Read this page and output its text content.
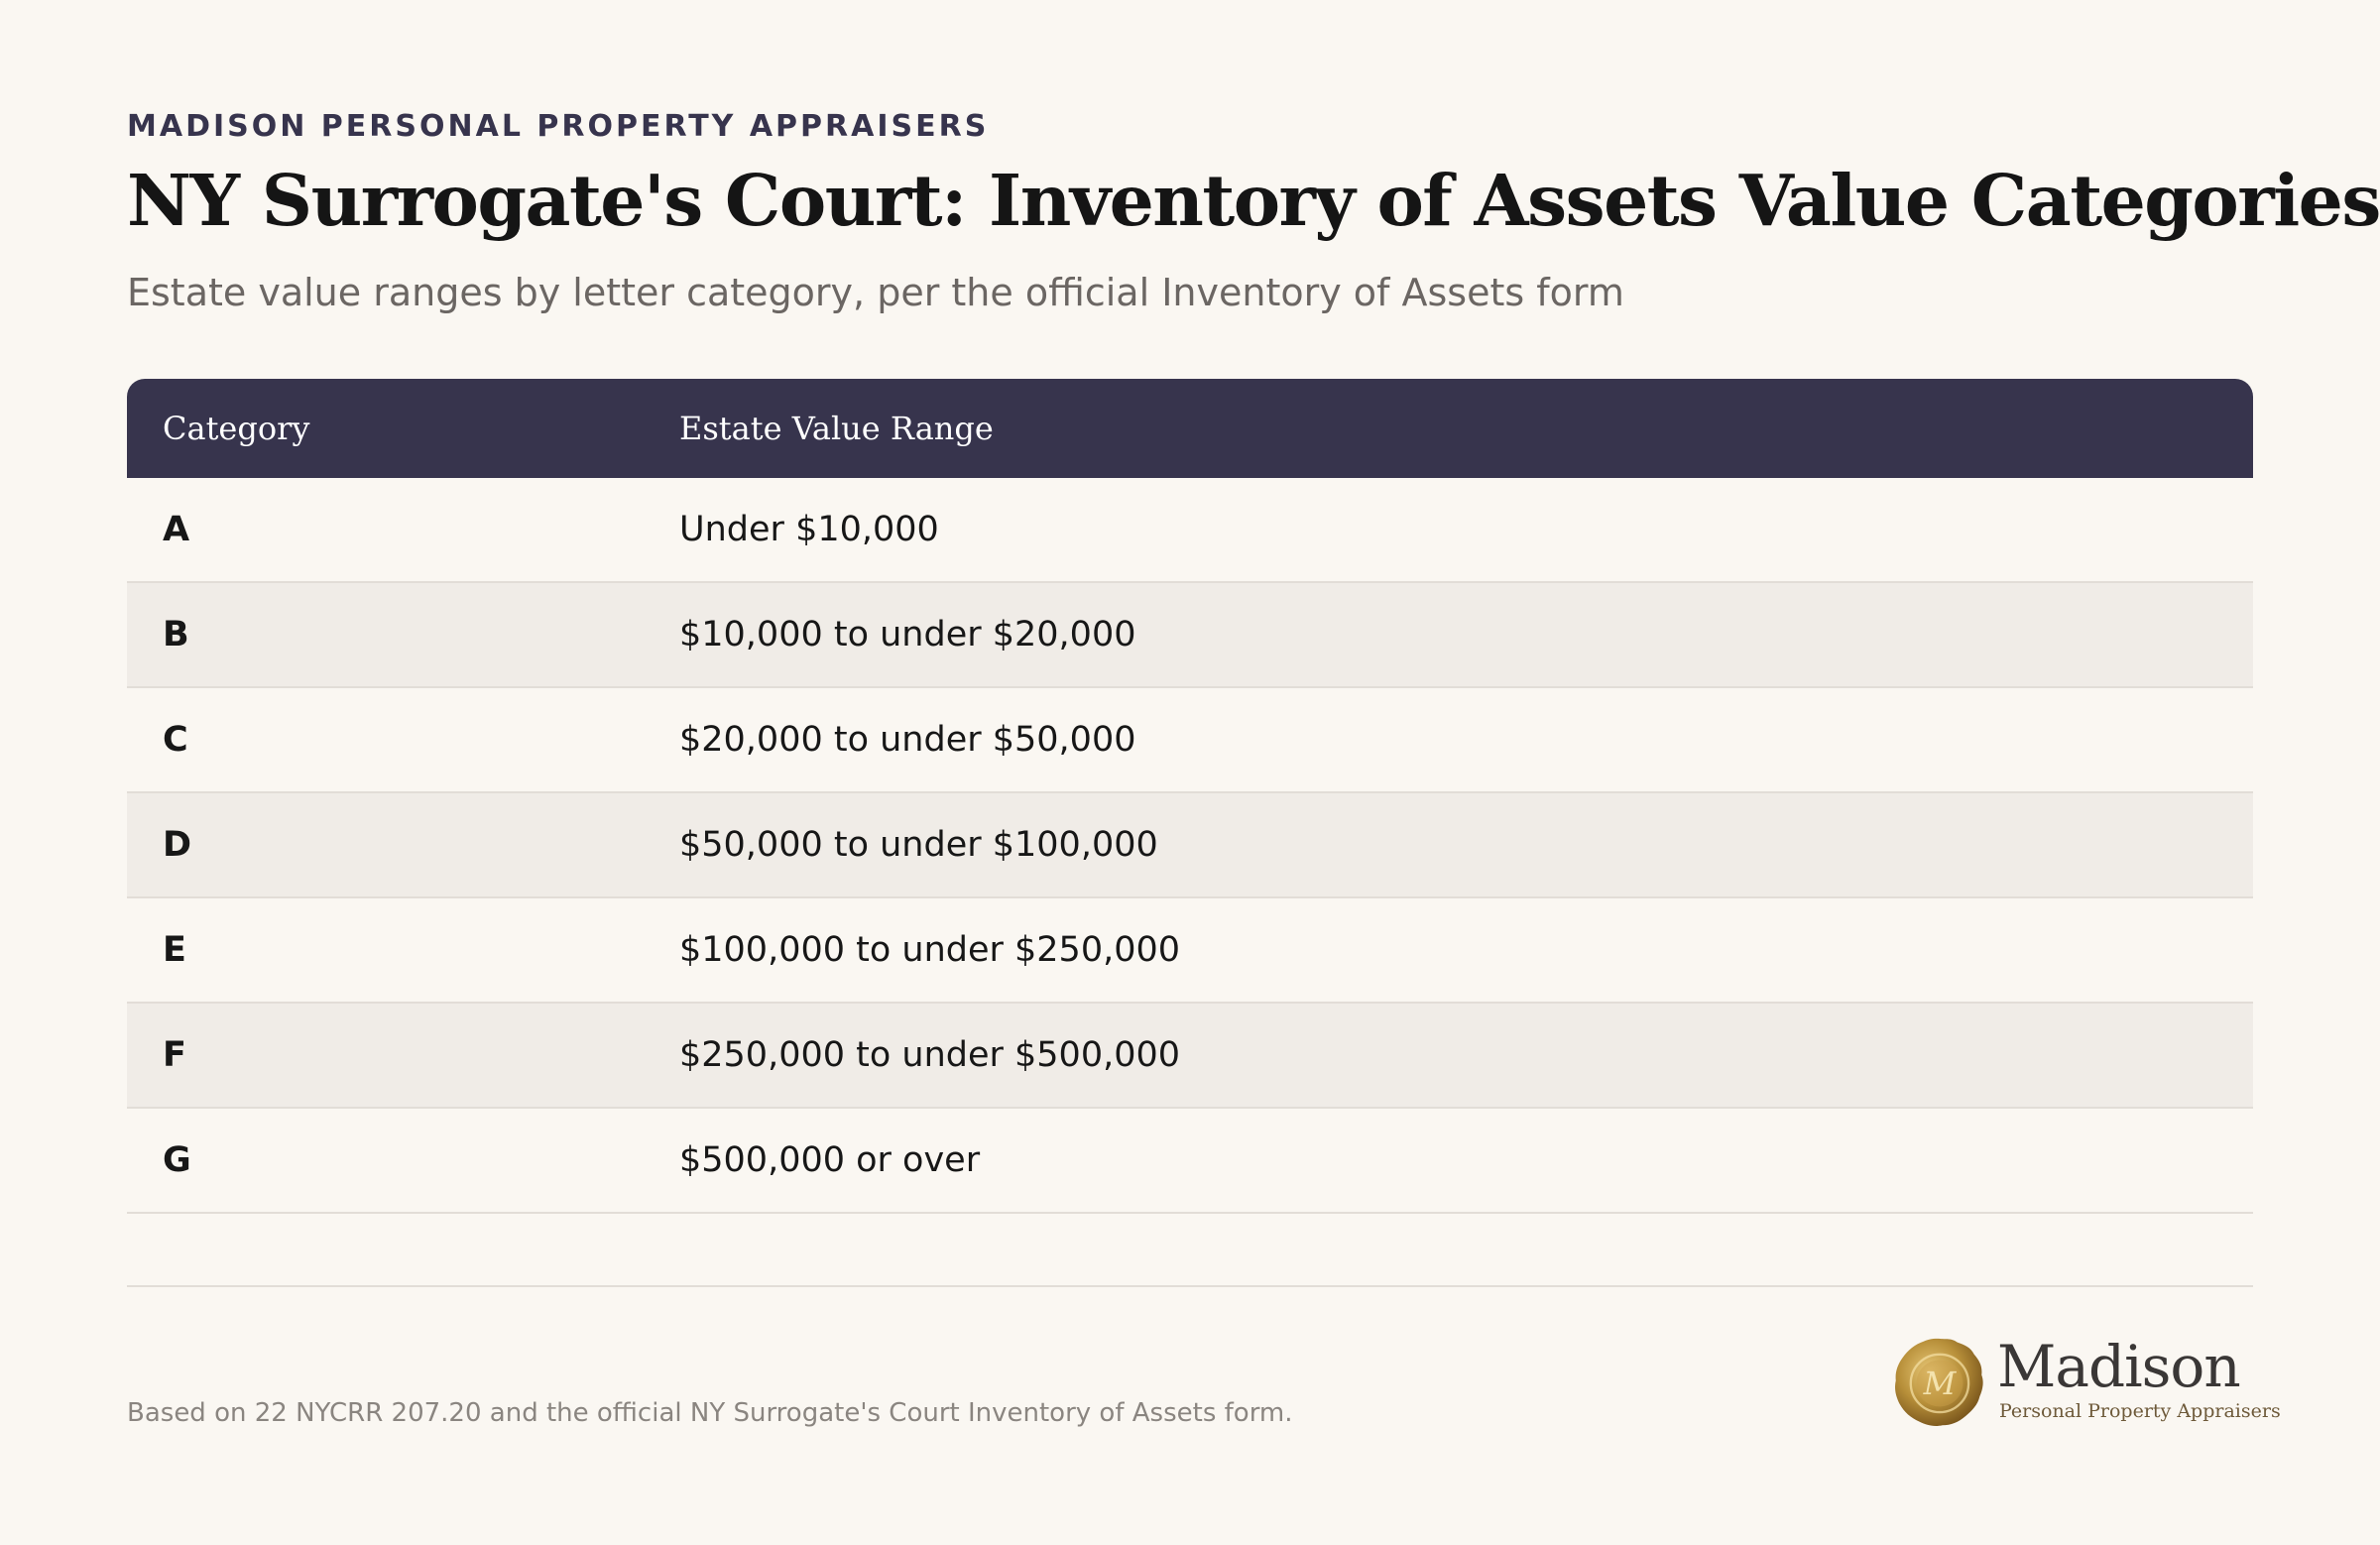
MADISON PERSONAL PROPERTY APPRAISERS
NY Surrogate's Court: Inventory of Assets Value Categories
Estate value ranges by letter category, per the official Inventory of Assets form
Category	Estate Value Range
A	Under $10,000
B	$10,000 to under $20,000
C	$20,000 to under $50,000
D	$50,000 to under $100,000
E	$100,000 to under $250,000
F	$250,000 to under $500,000
G	$500,000 or over
Based on 22 NYCRR 207.20 and the official NY Surrogate's Court Inventory of Assets form.
M Madison
Personal Property Appraisers
